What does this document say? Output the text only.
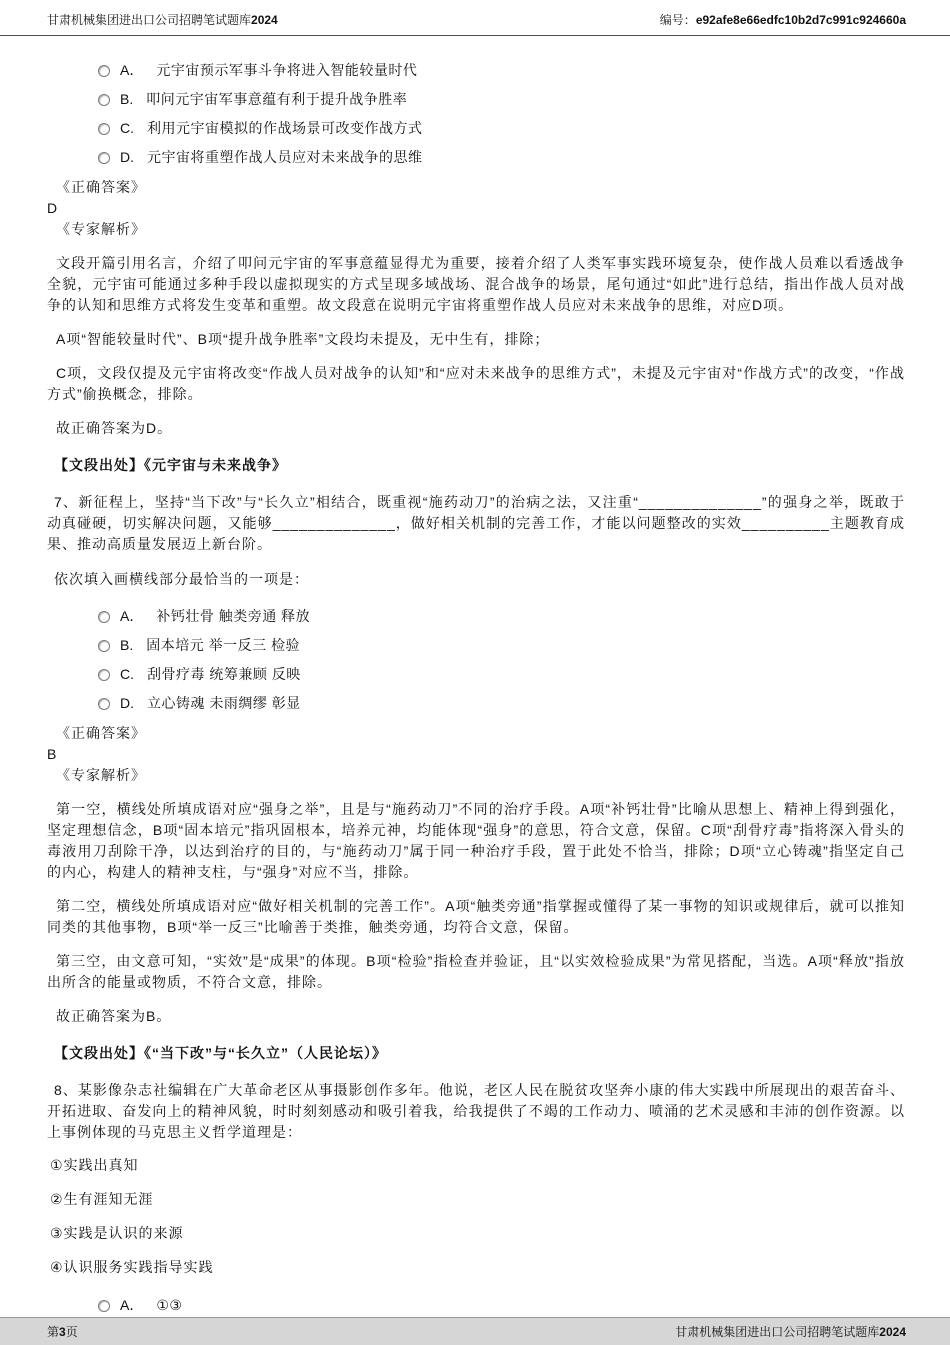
甘肃机械集团进出口公司招聘笔试题库2024	编号：e92afe8e66edfc10b2d7c991c924660a
A． 元宇宙预示军事斗争将进入智能较量时代
B. 叩问元宇宙军事意蕴有利于提升战争胜率
C. 利用元宇宙模拟的作战场景可改变作战方式
D. 元宇宙将重塑作战人员应对未来战争的思维
《正确答案》
D
《专家解析》
文段开篇引用名言，介绍了叩问元宇宙的军事意蕴显得尤为重要，接着介绍了人类军事实践环境复杂，使作战人员难以看透战争全貌，元宇宙可能通过多种手段以虚拟现实的方式呈现多域战场、混合战争的场景，尾句通过“如此”进行总结，指出作战人员对战争的认知和思维方式将发生变革和重塑。故文段意在说明元宇宙将重塑作战人员应对未来战争的思维，对应D项。
A项“智能较量时代”、B项“提升战争胜率”文段均未提及，无中生有，排除；
C项，文段仅提及元宇宙将改变“作战人员对战争的认知”和“应对未来战争的思维方式”，未提及元宇宙对“作战方式”的改变，“作战方式”偷换概念，排除。
故正确答案为D。
【文段出处】《元宇宙与未来战争》
7、新征程上，坚持“当下改”与“长久立”相结合，既重视“施药动刀”的治病之法，又注重“______________”的强身之举，既敢于动真碰硬，切实解决问题，又能够______________，做好相关机制的完善工作，才能以问题整改的实效__________主题教育成果、推动高质量发展迈上新台阶。
依次填入画横线部分最恰当的一项是：
A． 补钙壮骨 触类旁通 释放
B. 固本培元 举一反三 检验
C. 刮骨疗毒 统筹兼顾 反映
D. 立心铸魂 未雨绸缪 彰显
《正确答案》
B
《专家解析》
第一空，横线处所填成语对应“强身之举”，且是与“施药动刀”不同的治疗手段。A项“补钙壮骨”比喻从思想上、精神上得到强化，坚定理想信念，B项“固本培元”指巩固根本，培养元神，均能体现“强身”的意思，符合文意，保留。C项“刮骨疗毒”指将深入骨头的毒液用刀刮除干净，以达到治疗的目的，与“施药动刀”属于同一种治疗手段，置于此处不恰当，排除；D项“立心铸魂”指坚定自己的内心，构建人的精神支柱，与“强身”对应不当，排除。
第二空，横线处所填成语对应“做好相关机制的完善工作”。A项“触类旁通”指掌握或懂得了某一事物的知识或规律后，就可以推知同类的其他事物，B项“举一反三”比喻善于类推，触类旁通，均符合文意，保留。
第三空，由文意可知，“实效”是“成果”的体现。B项“检验”指检查并验证，且“以实效检验成果”为常见搭配，当选。A项“释放”指放出所含的能量或物质，不符合文意，排除。
故正确答案为B。
【文段出处】《“当下改”与“长久立”（人民论坛）》
8、某影像杂志社编辑在广大革命老区从事摄影创作多年。他说，老区人民在脱贫攻坚奔小康的伟大实践中所展现出的艰苦奋斗、开拓进取、奋发向上的精神风貌，时时刻刻感动和吸引着我，给我提供了不竭的工作动力、喷涌的艺术灵感和丰沛的创作资源。以上事例体现的马克思主义哲学道理是：
①实践出真知
②生有涯知无涯
③实践是认识的来源
④认识服务实践指导实践
A． ①③
第3页	甘肃机械集团进出口公司招聘笔试题库2024
